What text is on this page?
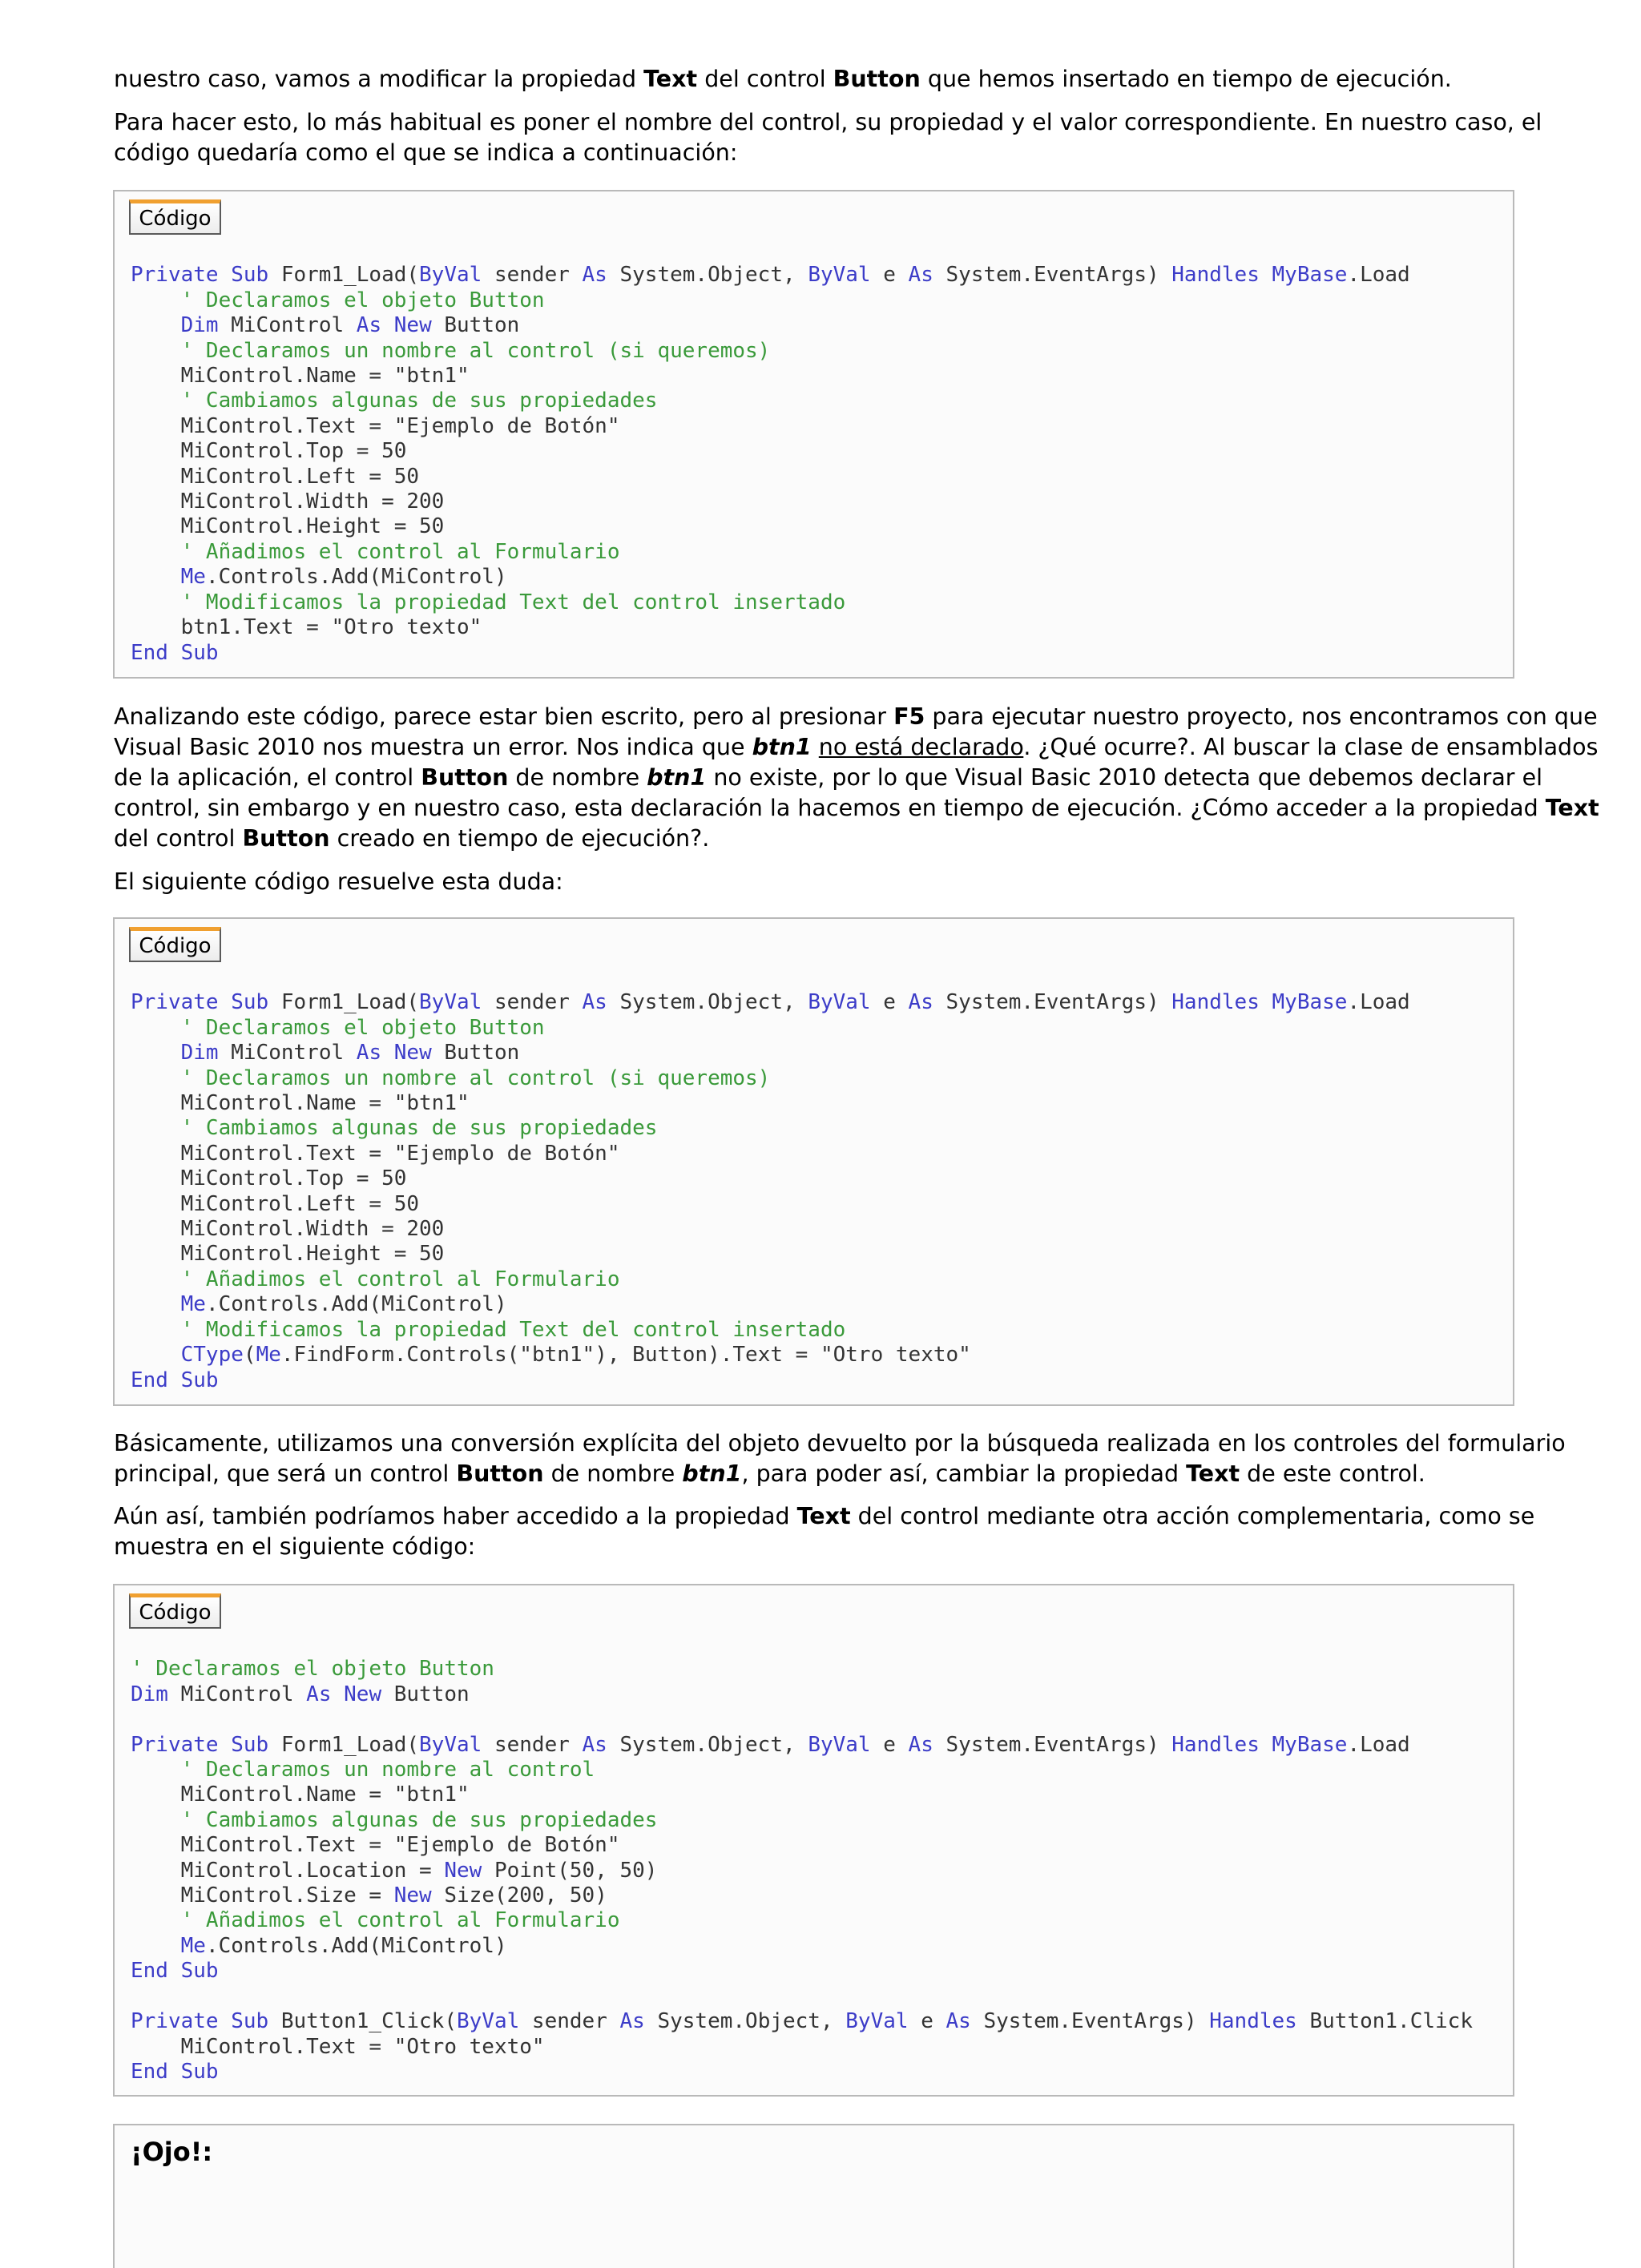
nuestro caso, vamos a modificar la propiedad Text del control Button que hemos insertado en tiempo de ejecución.

Para hacer esto, lo más habitual es poner el nombre del control, su propiedad y el valor correspondiente. En nuestro caso, el código quedaría como el que se indica a continuación:

Código

Private Sub Form1_Load(ByVal sender As System.Object, ByVal e As System.EventArgs) Handles MyBase.Load
' Declaramos el objeto Button
Dim MiControl As New Button
' Declaramos un nombre al control (si queremos)
MiControl.Name = "btn1"
' Cambiamos algunas de sus propiedades
MiControl.Text = "Ejemplo de Botón"
MiControl.Top = 50
MiControl.Left = 50
MiControl.Width = 200
MiControl.Height = 50
' Añadimos el control al Formulario
Me.Controls.Add(MiControl)
' Modificamos la propiedad Text del control insertado
btn1.Text = "Otro texto"
End Sub

Analizando este código, parece estar bien escrito, pero al presionar F5 para ejecutar nuestro proyecto, nos encontramos con que Visual Basic 2010 nos muestra un error. Nos indica que btn1 no está declarado. ¿Qué ocurre?. Al buscar la clase de ensamblados de la aplicación, el control Button de nombre btn1 no existe, por lo que Visual Basic 2010 detecta que debemos declarar el control, sin embargo y en nuestro caso, esta declaración la hacemos en tiempo de ejecución. ¿Cómo acceder a la propiedad Text del control Button creado en tiempo de ejecución?.

El siguiente código resuelve esta duda:

Código

Private Sub Form1_Load(ByVal sender As System.Object, ByVal e As System.EventArgs) Handles MyBase.Load
' Declaramos el objeto Button
Dim MiControl As New Button
' Declaramos un nombre al control (si queremos)
MiControl.Name = "btn1"
' Cambiamos algunas de sus propiedades
MiControl.Text = "Ejemplo de Botón"
MiControl.Top = 50
MiControl.Left = 50
MiControl.Width = 200
MiControl.Height = 50
' Añadimos el control al Formulario
Me.Controls.Add(MiControl)
' Modificamos la propiedad Text del control insertado
CType(Me.FindForm.Controls("btn1"), Button).Text = "Otro texto"
End Sub

Básicamente, utilizamos una conversión explícita del objeto devuelto por la búsqueda realizada en los controles del formulario principal, que será un control Button de nombre btn1, para poder así, cambiar la propiedad Text de este control.

Aún así, también podríamos haber accedido a la propiedad Text del control mediante otra acción complementaria, como se muestra en el siguiente código:

Código

' Declaramos el objeto Button
Dim MiControl As New Button

Private Sub Form1_Load(ByVal sender As System.Object, ByVal e As System.EventArgs) Handles MyBase.Load
' Declaramos un nombre al control
MiControl.Name = "btn1"
' Cambiamos algunas de sus propiedades
MiControl.Text = "Ejemplo de Botón"
MiControl.Location = New Point(50, 50)
MiControl.Size = New Size(200, 50)
' Añadimos el control al Formulario
Me.Controls.Add(MiControl)
End Sub

Private Sub Button1_Click(ByVal sender As System.Object, ByVal e As System.EventArgs) Handles Button1.Click
MiControl.Text = "Otro texto"
End Sub
¡Ojo!:
